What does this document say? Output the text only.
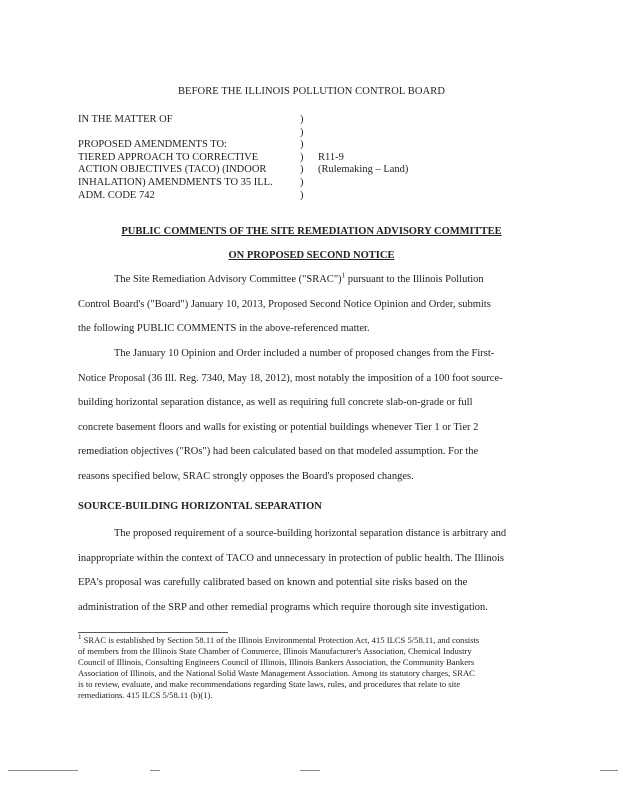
BEFORE THE ILLINOIS POLLUTION CONTROL BOARD
IN THE MATTER OF
PROPOSED AMENDMENTS TO:
TIERED APPROACH TO CORRECTIVE
ACTION OBJECTIVES (TACO) (INDOOR
INHALATION) AMENDMENTS TO 35 ILL.
ADM. CODE 742
)
)
)
)
)
)
)
R11-9
(Rulemaking – Land)
PUBLIC COMMENTS OF THE SITE REMEDIATION ADVISORY COMMITTEE
ON PROPOSED SECOND NOTICE
The Site Remediation Advisory Committee ("SRAC")$^1$ pursuant to the Illinois Pollution
Control Board's ("Board") January 10, 2013, Proposed Second Notice Opinion and Order, submits
the following PUBLIC COMMENTS in the above-referenced matter.
The January 10 Opinion and Order included a number of proposed changes from the First-
Notice Proposal (36 Ill. Reg. 7340, May 18, 2012), most notably the imposition of a 100 foot source-
building horizontal separation distance, as well as requiring full concrete slab-on-grade or full
concrete basement floors and walls for existing or potential buildings whenever Tier 1 or Tier 2
remediation objectives ("ROs") had been calculated based on that modeled assumption. For the
reasons specified below, SRAC strongly opposes the Board's proposed changes.
SOURCE-BUILDING HORIZONTAL SEPARATION
The proposed requirement of a source-building horizontal separation distance is arbitrary and
inappropriate within the context of TACO and unnecessary in protection of public health. The Illinois
EPA's proposal was carefully calibrated based on known and potential site risks based on the
administration of the SRP and other remedial programs which require thorough site investigation.
$^1$ SRAC is established by Section 58.11 of the Illinois Environmental Protection Act, 415 ILCS 5/58.11, and consists
of members from the Illinois State Chamber of Commerce, Illinois Manufacturer's Association, Chemical Industry
Council of Illinois, Consulting Engineers Council of Illinois, Illinois Bankers Association, the Community Bankers
Association of Illinois, and the National Solid Waste Management Association. Among its statutory charges, SRAC
is to review, evaluate, and make recommendations regarding State laws, rules, and procedures that relate to site
remediations. 415 ILCS 5/58.11 (b)(1).
